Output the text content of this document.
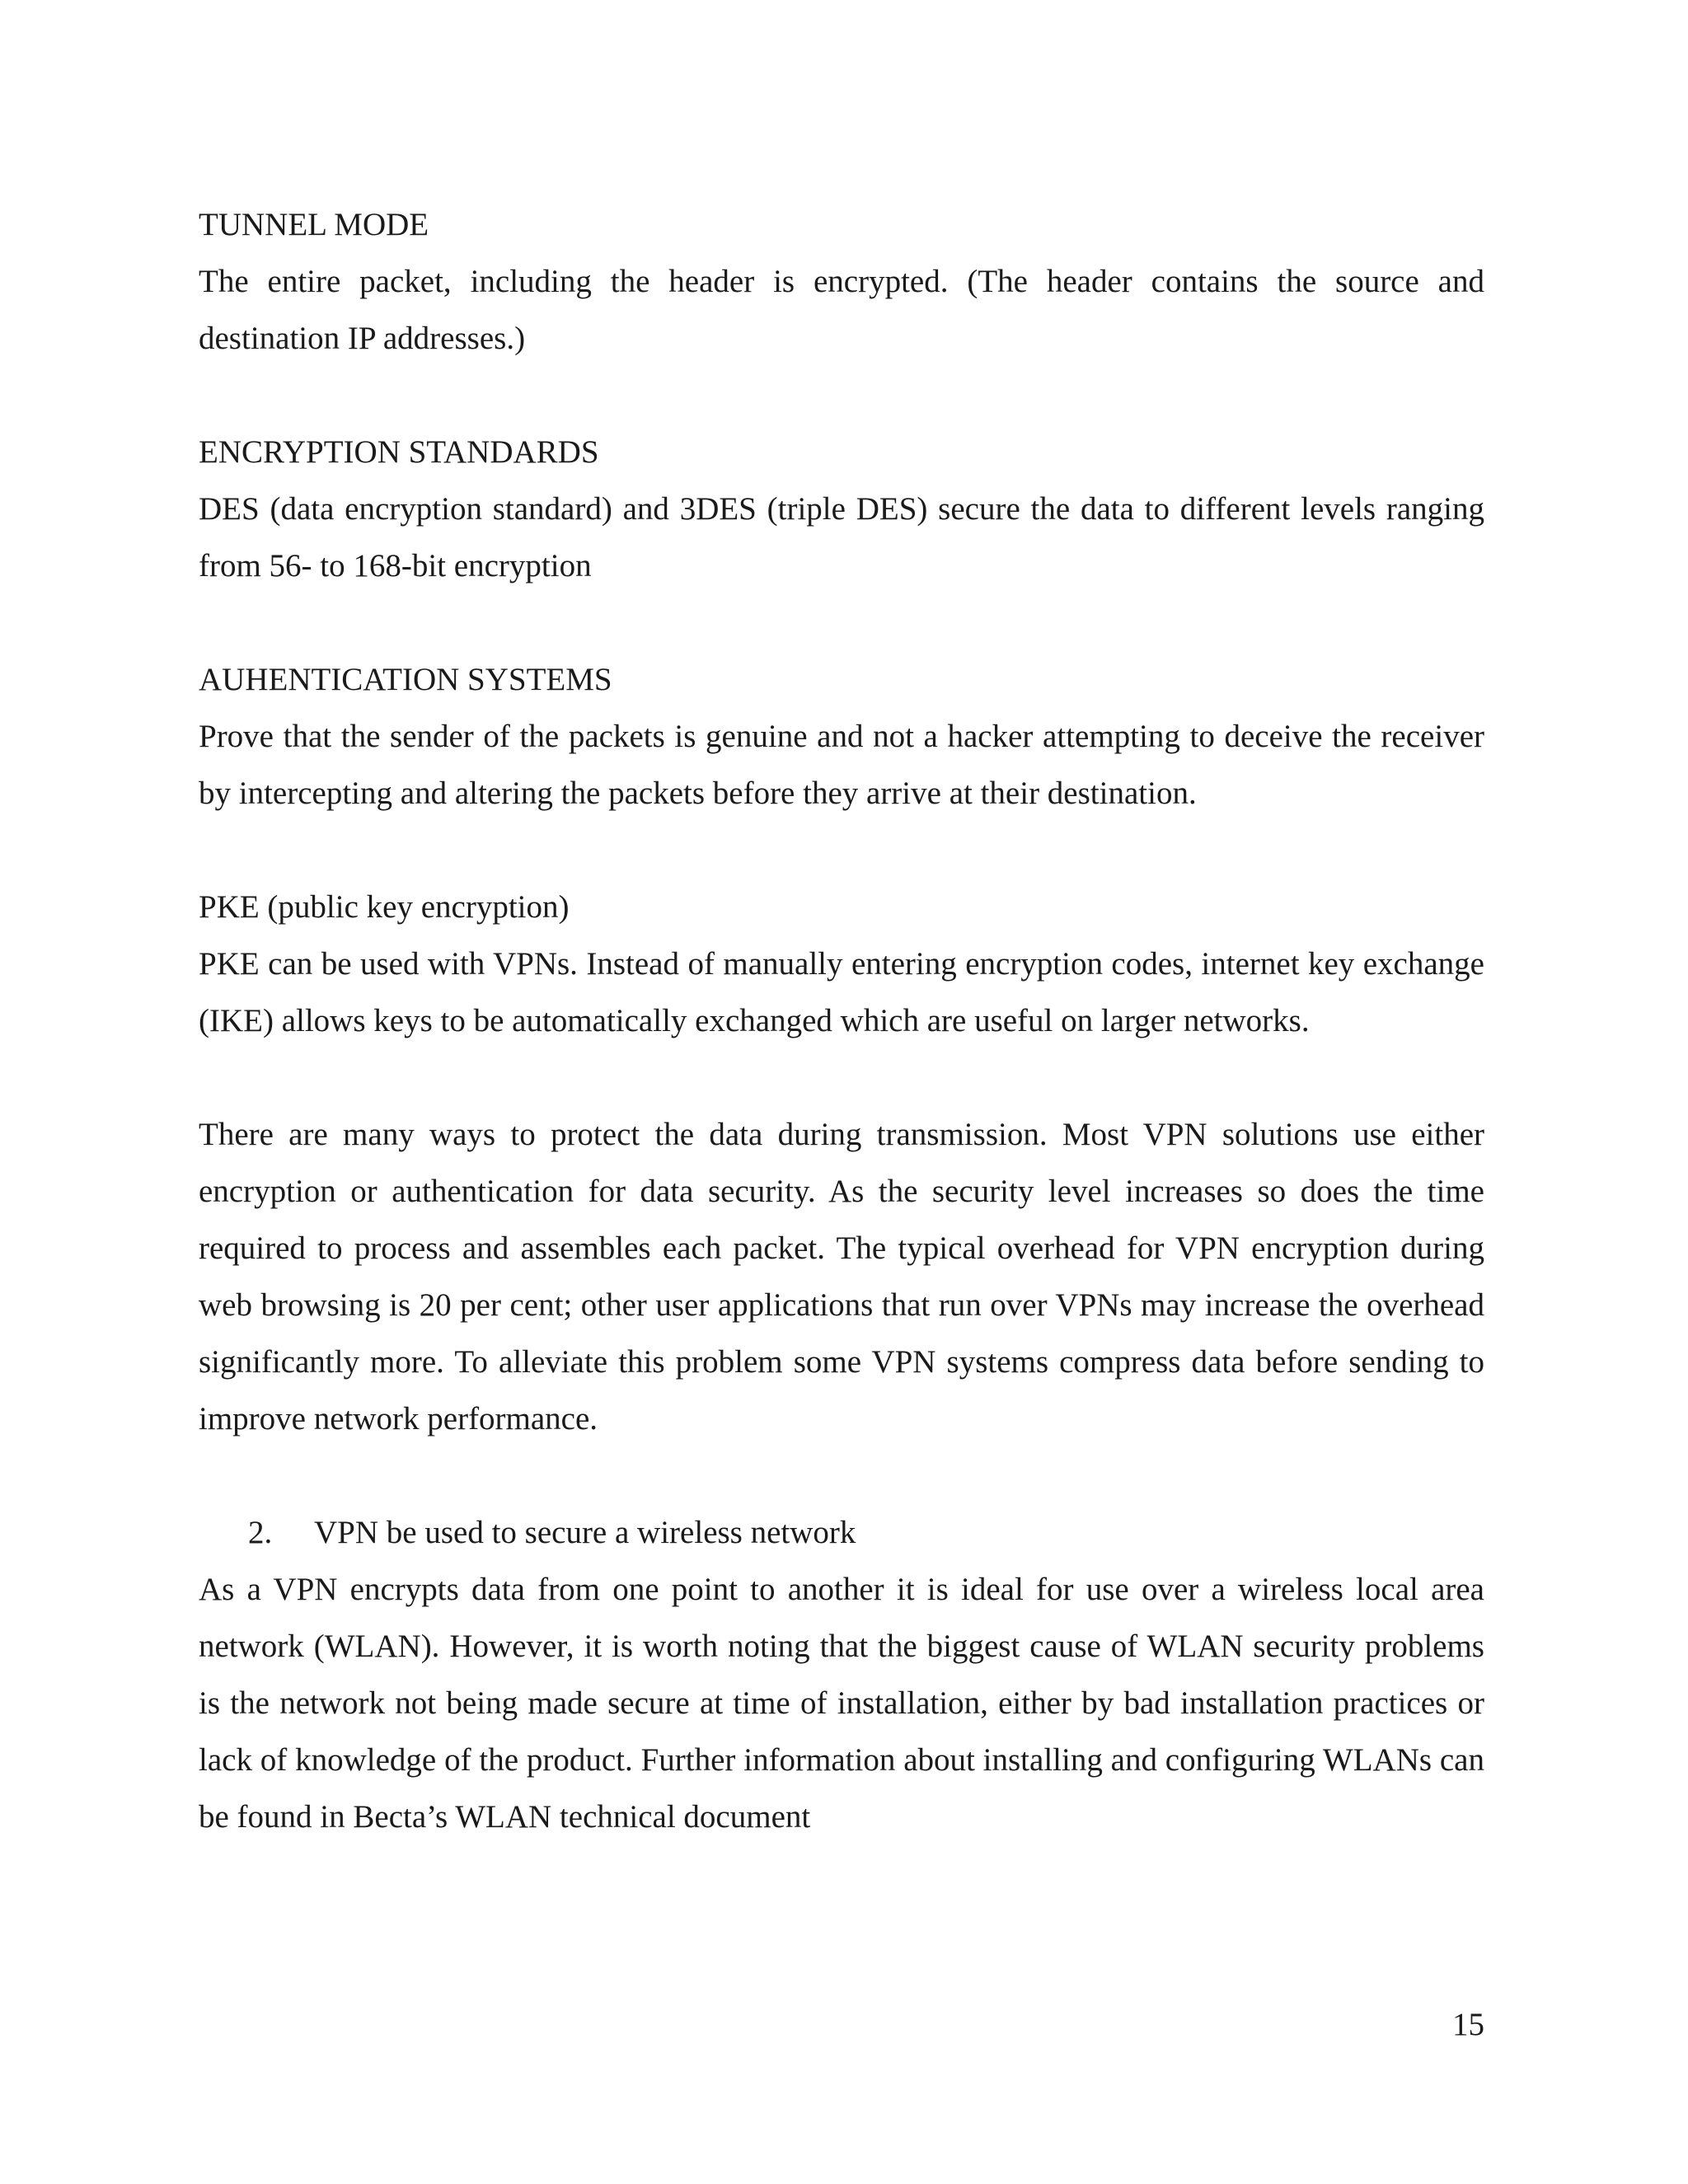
TUNNEL MODE

The entire packet, including the header is encrypted. (The header contains the source and destination IP addresses.)

ENCRYPTION STANDARDS

DES (data encryption standard) and 3DES (triple DES) secure the data to different levels ranging from 56- to 168-bit encryption

AUHENTICATION SYSTEMS

Prove that the sender of the packets is genuine and not a hacker attempting to deceive the receiver by intercepting and altering the packets before they arrive at their destination.

PKE (public key encryption)

PKE can be used with VPNs. Instead of manually entering encryption codes, internet key exchange (IKE) allows keys to be automatically exchanged which are useful on larger networks.

There are many ways to protect the data during transmission. Most VPN solutions use either encryption or authentication for data security. As the security level increases so does the time required to process and assembles each packet. The typical overhead for VPN encryption during web browsing is 20 per cent; other user applications that run over VPNs may increase the overhead significantly more. To alleviate this problem some VPN systems compress data before sending to improve network performance.

2. VPN be used to secure a wireless network

As a VPN encrypts data from one point to another it is ideal for use over a wireless local area network (WLAN). However, it is worth noting that the biggest cause of WLAN security problems is the network not being made secure at time of installation, either by bad installation practices or lack of knowledge of the product. Further information about installing and configuring WLANs can be found in Becta’s WLAN technical document

15
